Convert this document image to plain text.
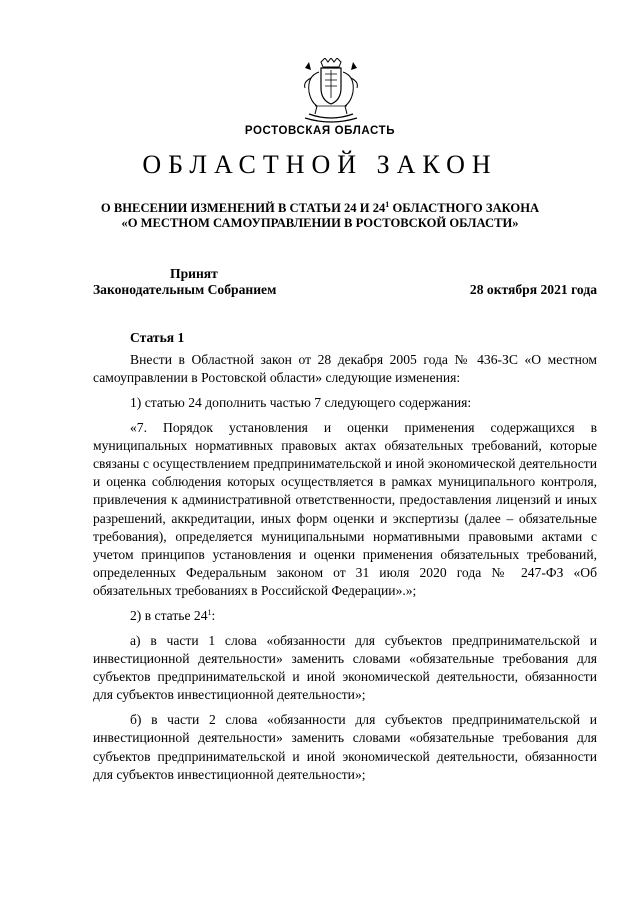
РОСТОВСКАЯ ОБЛАСТЬ
ОБЛАСТНОЙ ЗАКОН
О ВНЕСЕНИИ ИЗМЕНЕНИЙ В СТАТЬИ 24 И $24^1$ ОБЛАСТНОГО ЗАКОНА
«О МЕСТНОМ САМОУПРАВЛЕНИИ В РОСТОВСКОЙ ОБЛАСТИ»
Принят
Законодательным Собранием	28 октября 2021 года
Статья 1

Внести в Областной закон от 28 декабря 2005 года № 436-ЗС «О местном самоуправлении в Ростовской области» следующие изменения:

1) статью 24 дополнить частью 7 следующего содержания:

«7. Порядок установления и оценки применения содержащихся в муниципальных нормативных правовых актах обязательных требований, которые связаны с осуществлением предпринимательской и иной экономической деятельности и оценка соблюдения которых осуществляется в рамках муниципального контроля, привлечения к административной ответственности, предоставления лицензий и иных разрешений, аккредитации, иных форм оценки и экспертизы (далее – обязательные требования), определяется муниципальными нормативными правовыми актами с учетом принципов установления и оценки применения обязательных требований, определенных Федеральным законом от 31 июля 2020 года № 247-ФЗ «Об обязательных требованиях в Российской Федерации».»;

2) в статье $24^1$:

а) в части 1 слова «обязанности для субъектов предпринимательской и инвестиционной деятельности» заменить словами «обязательные требования для субъектов предпринимательской и иной экономической деятельности, обязанности для субъектов инвестиционной деятельности»;

б) в части 2 слова «обязанности для субъектов предпринимательской и инвестиционной деятельности» заменить словами «обязательные требования для субъектов предпринимательской и иной экономической деятельности, обязанности для субъектов инвестиционной деятельности»;
